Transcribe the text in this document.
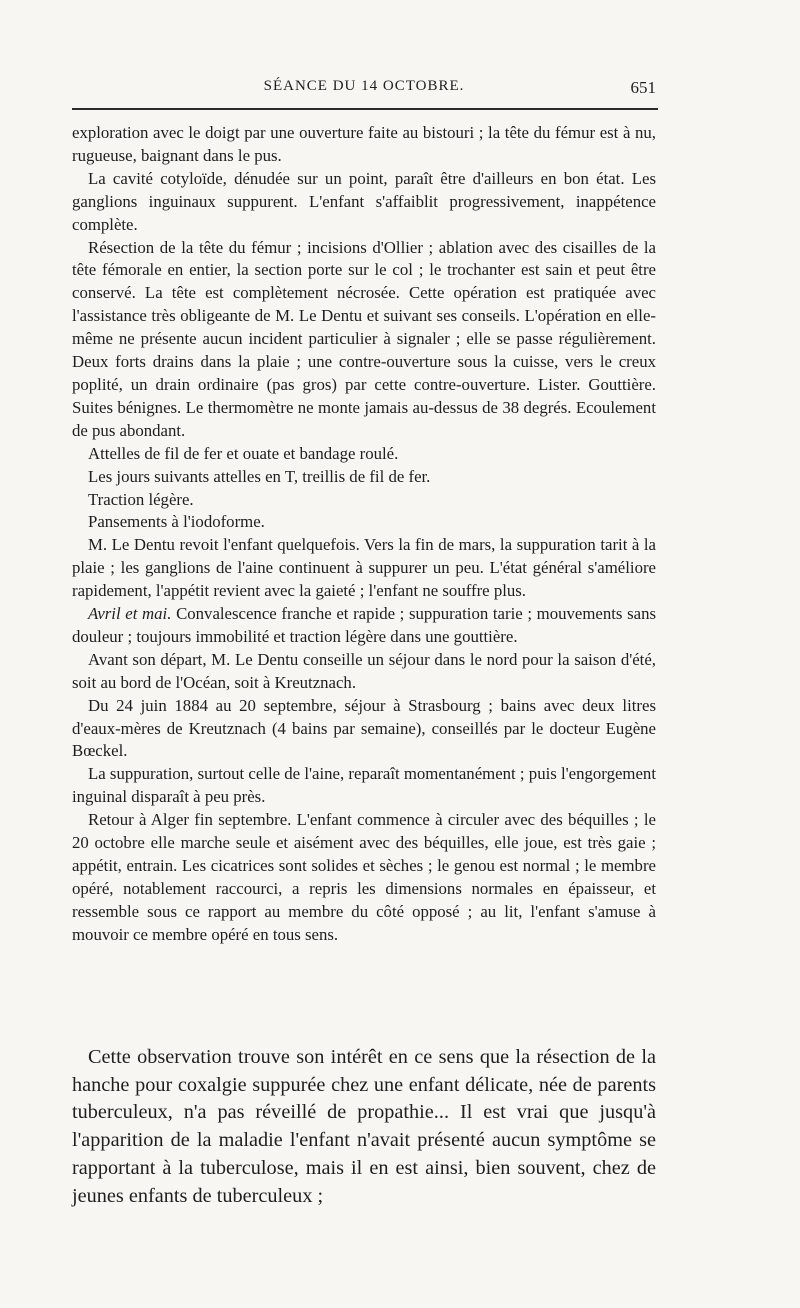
SÉANCE DU 14 OCTOBRE.	651

exploration avec le doigt par une ouverture faite au bistouri ; la tête du fémur est à nu, rugueuse, baignant dans le pus.

La cavité cotyloïde, dénudée sur un point, paraît être d'ailleurs en bon état. Les ganglions inguinaux suppurent. L'enfant s'affaiblit progressivement, inappétence complète.

Résection de la tête du fémur ; incisions d'Ollier ; ablation avec des cisailles de la tête fémorale en entier, la section porte sur le col ; le trochanter est sain et peut être conservé. La tête est complètement nécrosée. Cette opération est pratiquée avec l'assistance très obligeante de M. Le Dentu et suivant ses conseils. L'opération en elle-même ne présente aucun incident particulier à signaler ; elle se passe régulièrement. Deux forts drains dans la plaie ; une contre-ouverture sous la cuisse, vers le creux poplité, un drain ordinaire (pas gros) par cette contre-ouverture. Lister. Gouttière. Suites bénignes. Le thermomètre ne monte jamais au-dessus de 38 degrés. Ecoulement de pus abondant.

Attelles de fil de fer et ouate et bandage roulé.

Les jours suivants attelles en T, treillis de fil de fer.

Traction légère.

Pansements à l'iodoforme.

M. Le Dentu revoit l'enfant quelquefois. Vers la fin de mars, la suppuration tarit à la plaie ; les ganglions de l'aine continuent à suppurer un peu. L'état général s'améliore rapidement, l'appétit revient avec la gaieté ; l'enfant ne souffre plus.

Avril et mai. Convalescence franche et rapide ; suppuration tarie ; mouvements sans douleur ; toujours immobilité et traction légère dans une gouttière.

Avant son départ, M. Le Dentu conseille un séjour dans le nord pour la saison d'été, soit au bord de l'Océan, soit à Kreutznach.

Du 24 juin 1884 au 20 septembre, séjour à Strasbourg ; bains avec deux litres d'eaux-mères de Kreutznach (4 bains par semaine), conseillés par le docteur Eugène Bœckel.

La suppuration, surtout celle de l'aine, reparaît momentanément ; puis l'engorgement inguinal disparaît à peu près.

Retour à Alger fin septembre. L'enfant commence à circuler avec des béquilles ; le 20 octobre elle marche seule et aisément avec des béquilles, elle joue, est très gaie ; appétit, entrain. Les cicatrices sont solides et sèches ; le genou est normal ; le membre opéré, notablement raccourci, a repris les dimensions normales en épaisseur, et ressemble sous ce rapport au membre du côté opposé ; au lit, l'enfant s'amuse à mouvoir ce membre opéré en tous sens.

Cette observation trouve son intérêt en ce sens que la résection de la hanche pour coxalgie suppurée chez une enfant délicate, née de parents tuberculeux, n'a pas réveillé de propathie... Il est vrai que jusqu'à l'apparition de la maladie l'enfant n'avait présenté aucun symptôme se rapportant à la tuberculose, mais il en est ainsi, bien souvent, chez de jeunes enfants de tuberculeux ;
